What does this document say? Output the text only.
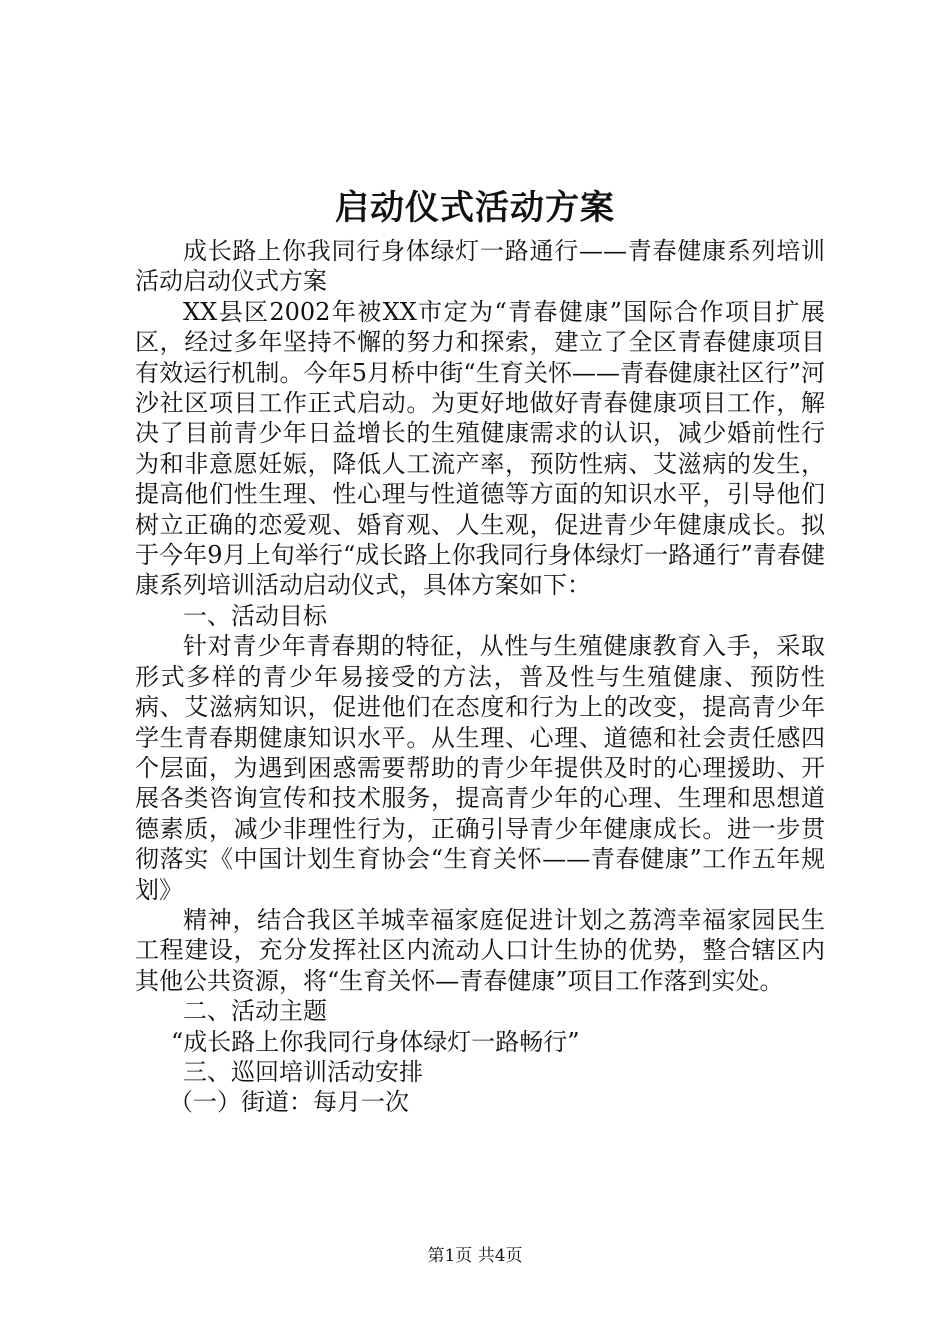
启动仪式活动方案

成长路上你我同行身体绿灯一路通行——青春健康系列培训活动启动仪式方案

XX县区2002年被XX市定为“青春健康”国际合作项目扩展区，经过多年坚持不懈的努力和探索，建立了全区青春健康项目有效运行机制。今年5月桥中街“生育关怀——青春健康社区行”河沙社区项目工作正式启动。为更好地做好青春健康项目工作，解决了目前青少年日益增长的生殖健康需求的认识，减少婚前性行为和非意愿妊娠，降低人工流产率，预防性病、艾滋病的发生，提高他们性生理、性心理与性道德等方面的知识水平，引导他们树立正确的恋爱观、婚育观、人生观，促进青少年健康成长。拟于今年9月上旬举行“成长路上你我同行身体绿灯一路通行”青春健康系列培训活动启动仪式，具体方案如下：

一、活动目标

针对青少年青春期的特征，从性与生殖健康教育入手，采取形式多样的青少年易接受的方法，普及性与生殖健康、预防性病、艾滋病知识，促进他们在态度和行为上的改变，提高青少年学生青春期健康知识水平。从生理、心理、道德和社会责任感四个层面，为遇到困惑需要帮助的青少年提供及时的心理援助、开展各类咨询宣传和技术服务，提高青少年的心理、生理和思想道德素质，减少非理性行为，正确引导青少年健康成长。进一步贯彻落实《中国计划生育协会“生育关怀——青春健康”工作五年规划》

精神，结合我区羊城幸福家庭促进计划之荔湾幸福家园民生工程建设，充分发挥社区内流动人口计生协的优势，整合辖区内其他公共资源，将“生育关怀—青春健康”项目工作落到实处。

二、活动主题

“成长路上你我同行身体绿灯一路畅行”

三、巡回培训活动安排

（一）街道：每月一次

第1页 共4页
